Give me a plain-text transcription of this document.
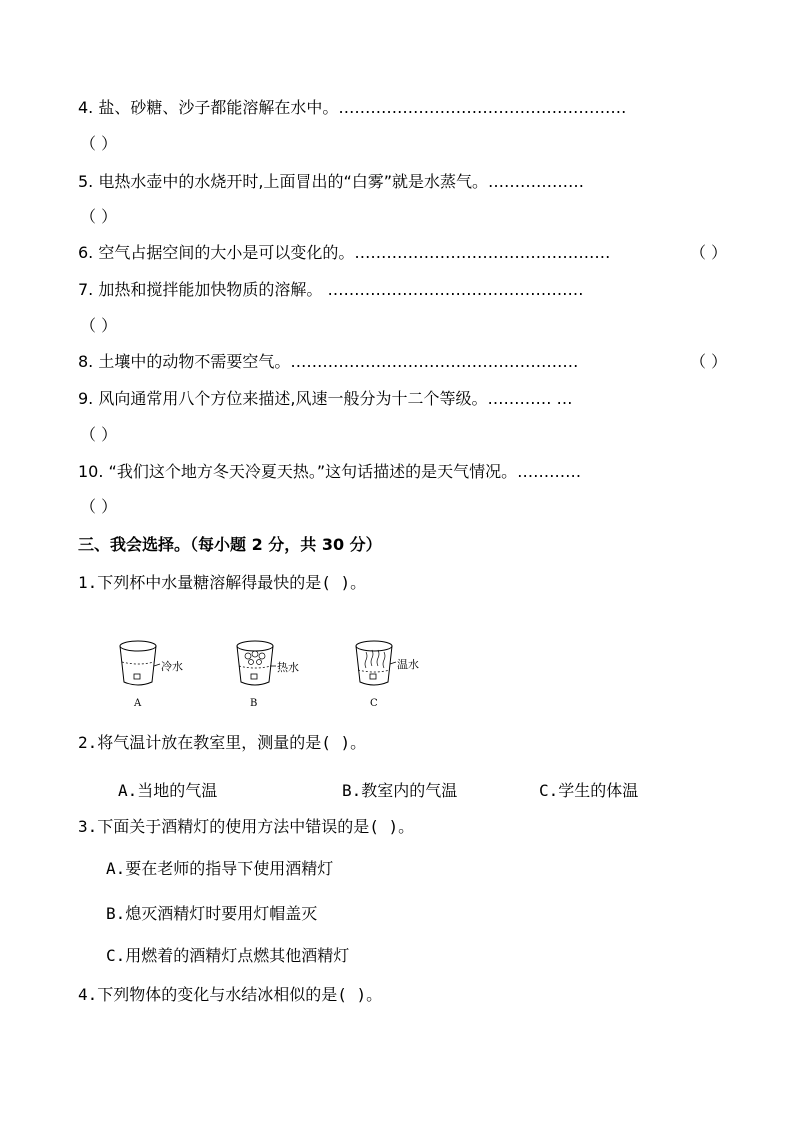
4. 盐、砂糖、沙子都能溶解在水中。………………………………………………
（ ）
5. 电热水壶中的水烧开时,上面冒出的“白雾”就是水蒸气。………………
（ ）
6. 空气占据空间的大小是可以变化的。…………………………………………	（ ）
7. 加热和搅拌能加快物质的溶解。 …………………………………………
（ ）
8. 土壤中的动物不需要空气。………………………………………………	（ ）
9. 风向通常用八个方位来描述,风速一般分为十二个等级。………… …
（ ）
10. “我们这个地方冬天冷夏天热。”这句话描述的是天气情况。…………
（ ）
三、我会选择。（每小题 2 分，共 30 分）
1.下列杯中水量糖溶解得最快的是( )。
冷水
A
热水
B
温水
C
2.将气温计放在教室里，测量的是( )。
A.当地的气温	B.教室内的气温	C.学生的体温
3.下面关于酒精灯的使用方法中错误的是( )。
A.要在老师的指导下使用酒精灯
B.熄灭酒精灯时要用灯帽盖灭
C.用燃着的酒精灯点燃其他酒精灯
4.下列物体的变化与水结冰相似的是( )。
